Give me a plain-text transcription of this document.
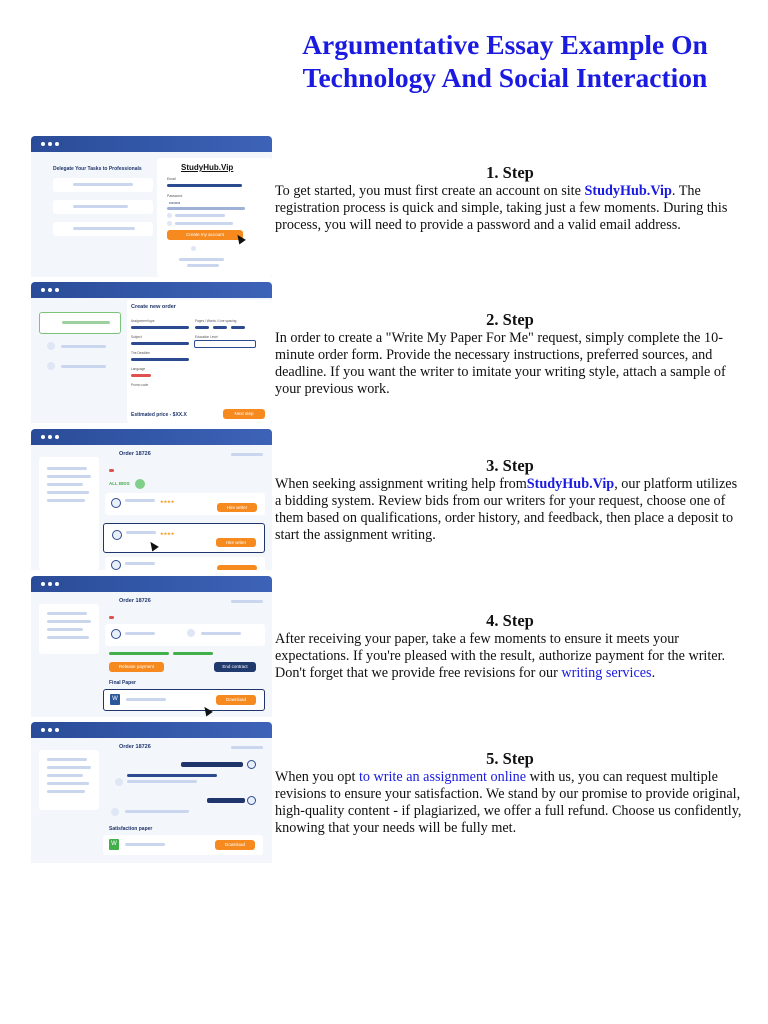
Argumentative Essay Example On
Technology And Social Interaction
Delegate Your Tasks to Professionals	StudyHub.Vip
Email
Password
••••••••
Create my account
Create new order
Assignment type	Pages / Words / Line spacing
Subject	Education Level
The Deadline
Language
Promo code
Estimated price - $XX.X	Next step
Order 18726
ALL BIDS
★★★★
Hire writer
★★★★
Hire writer
Order 18726
Release payment	End contract
Final Paper
W	Download
Order 18726
Satisfaction paper
W	Download
1. Step

To get started, you must first create an account on site StudyHub.Vip. The registration process is quick and simple, taking just a few moments. During this process, you will need to provide a password and a valid email address.

2. Step

In order to create a "Write My Paper For Me" request, simply complete the 10-minute order form. Provide the necessary instructions, preferred sources, and deadline. If you want the writer to imitate your writing style, attach a sample of your previous work.

3. Step

When seeking assignment writing help fromStudyHub.Vip, our platform utilizes a bidding system. Review bids from our writers for your request, choose one of them based on qualifications, order history, and feedback, then place a deposit to start the assignment writing.

4. Step

After receiving your paper, take a few moments to ensure it meets your expectations. If you're pleased with the result, authorize payment for the writer. Don't forget that we provide free revisions for our writing services.

5. Step

When you opt to write an assignment online with us, you can request multiple revisions to ensure your satisfaction. We stand by our promise to provide original, high-quality content - if plagiarized, we offer a full refund. Choose us confidently, knowing that your needs will be fully met.
